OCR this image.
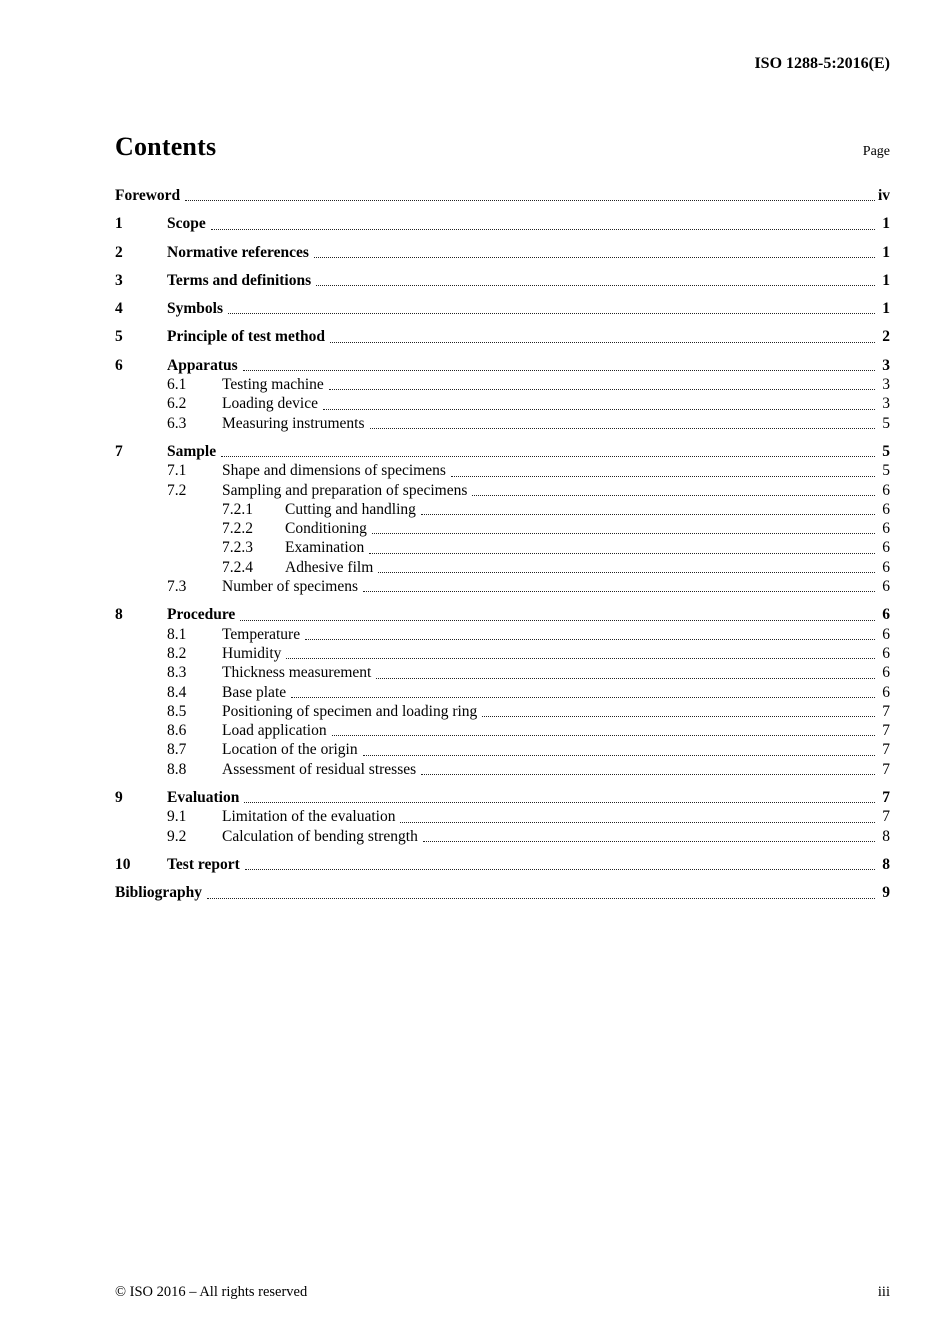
ISO 1288-5:2016(E)
Contents	Page
Foreword	iv
1	Scope	1
2	Normative references	1
3	Terms and definitions	1
4	Symbols	1
5	Principle of test method	2
6	Apparatus	3
6.1	Testing machine	3
6.2	Loading device	3
6.3	Measuring instruments	5
7	Sample	5
7.1	Shape and dimensions of specimens	5
7.2	Sampling and preparation of specimens	6
7.2.1	Cutting and handling	6
7.2.2	Conditioning	6
7.2.3	Examination	6
7.2.4	Adhesive film	6
7.3	Number of specimens	6
8	Procedure	6
8.1	Temperature	6
8.2	Humidity	6
8.3	Thickness measurement	6
8.4	Base plate	6
8.5	Positioning of specimen and loading ring	7
8.6	Load application	7
8.7	Location of the origin	7
8.8	Assessment of residual stresses	7
9	Evaluation	7
9.1	Limitation of the evaluation	7
9.2	Calculation of bending strength	8
10	Test report	8
Bibliography	9
© ISO 2016 – All rights reserved	iii
